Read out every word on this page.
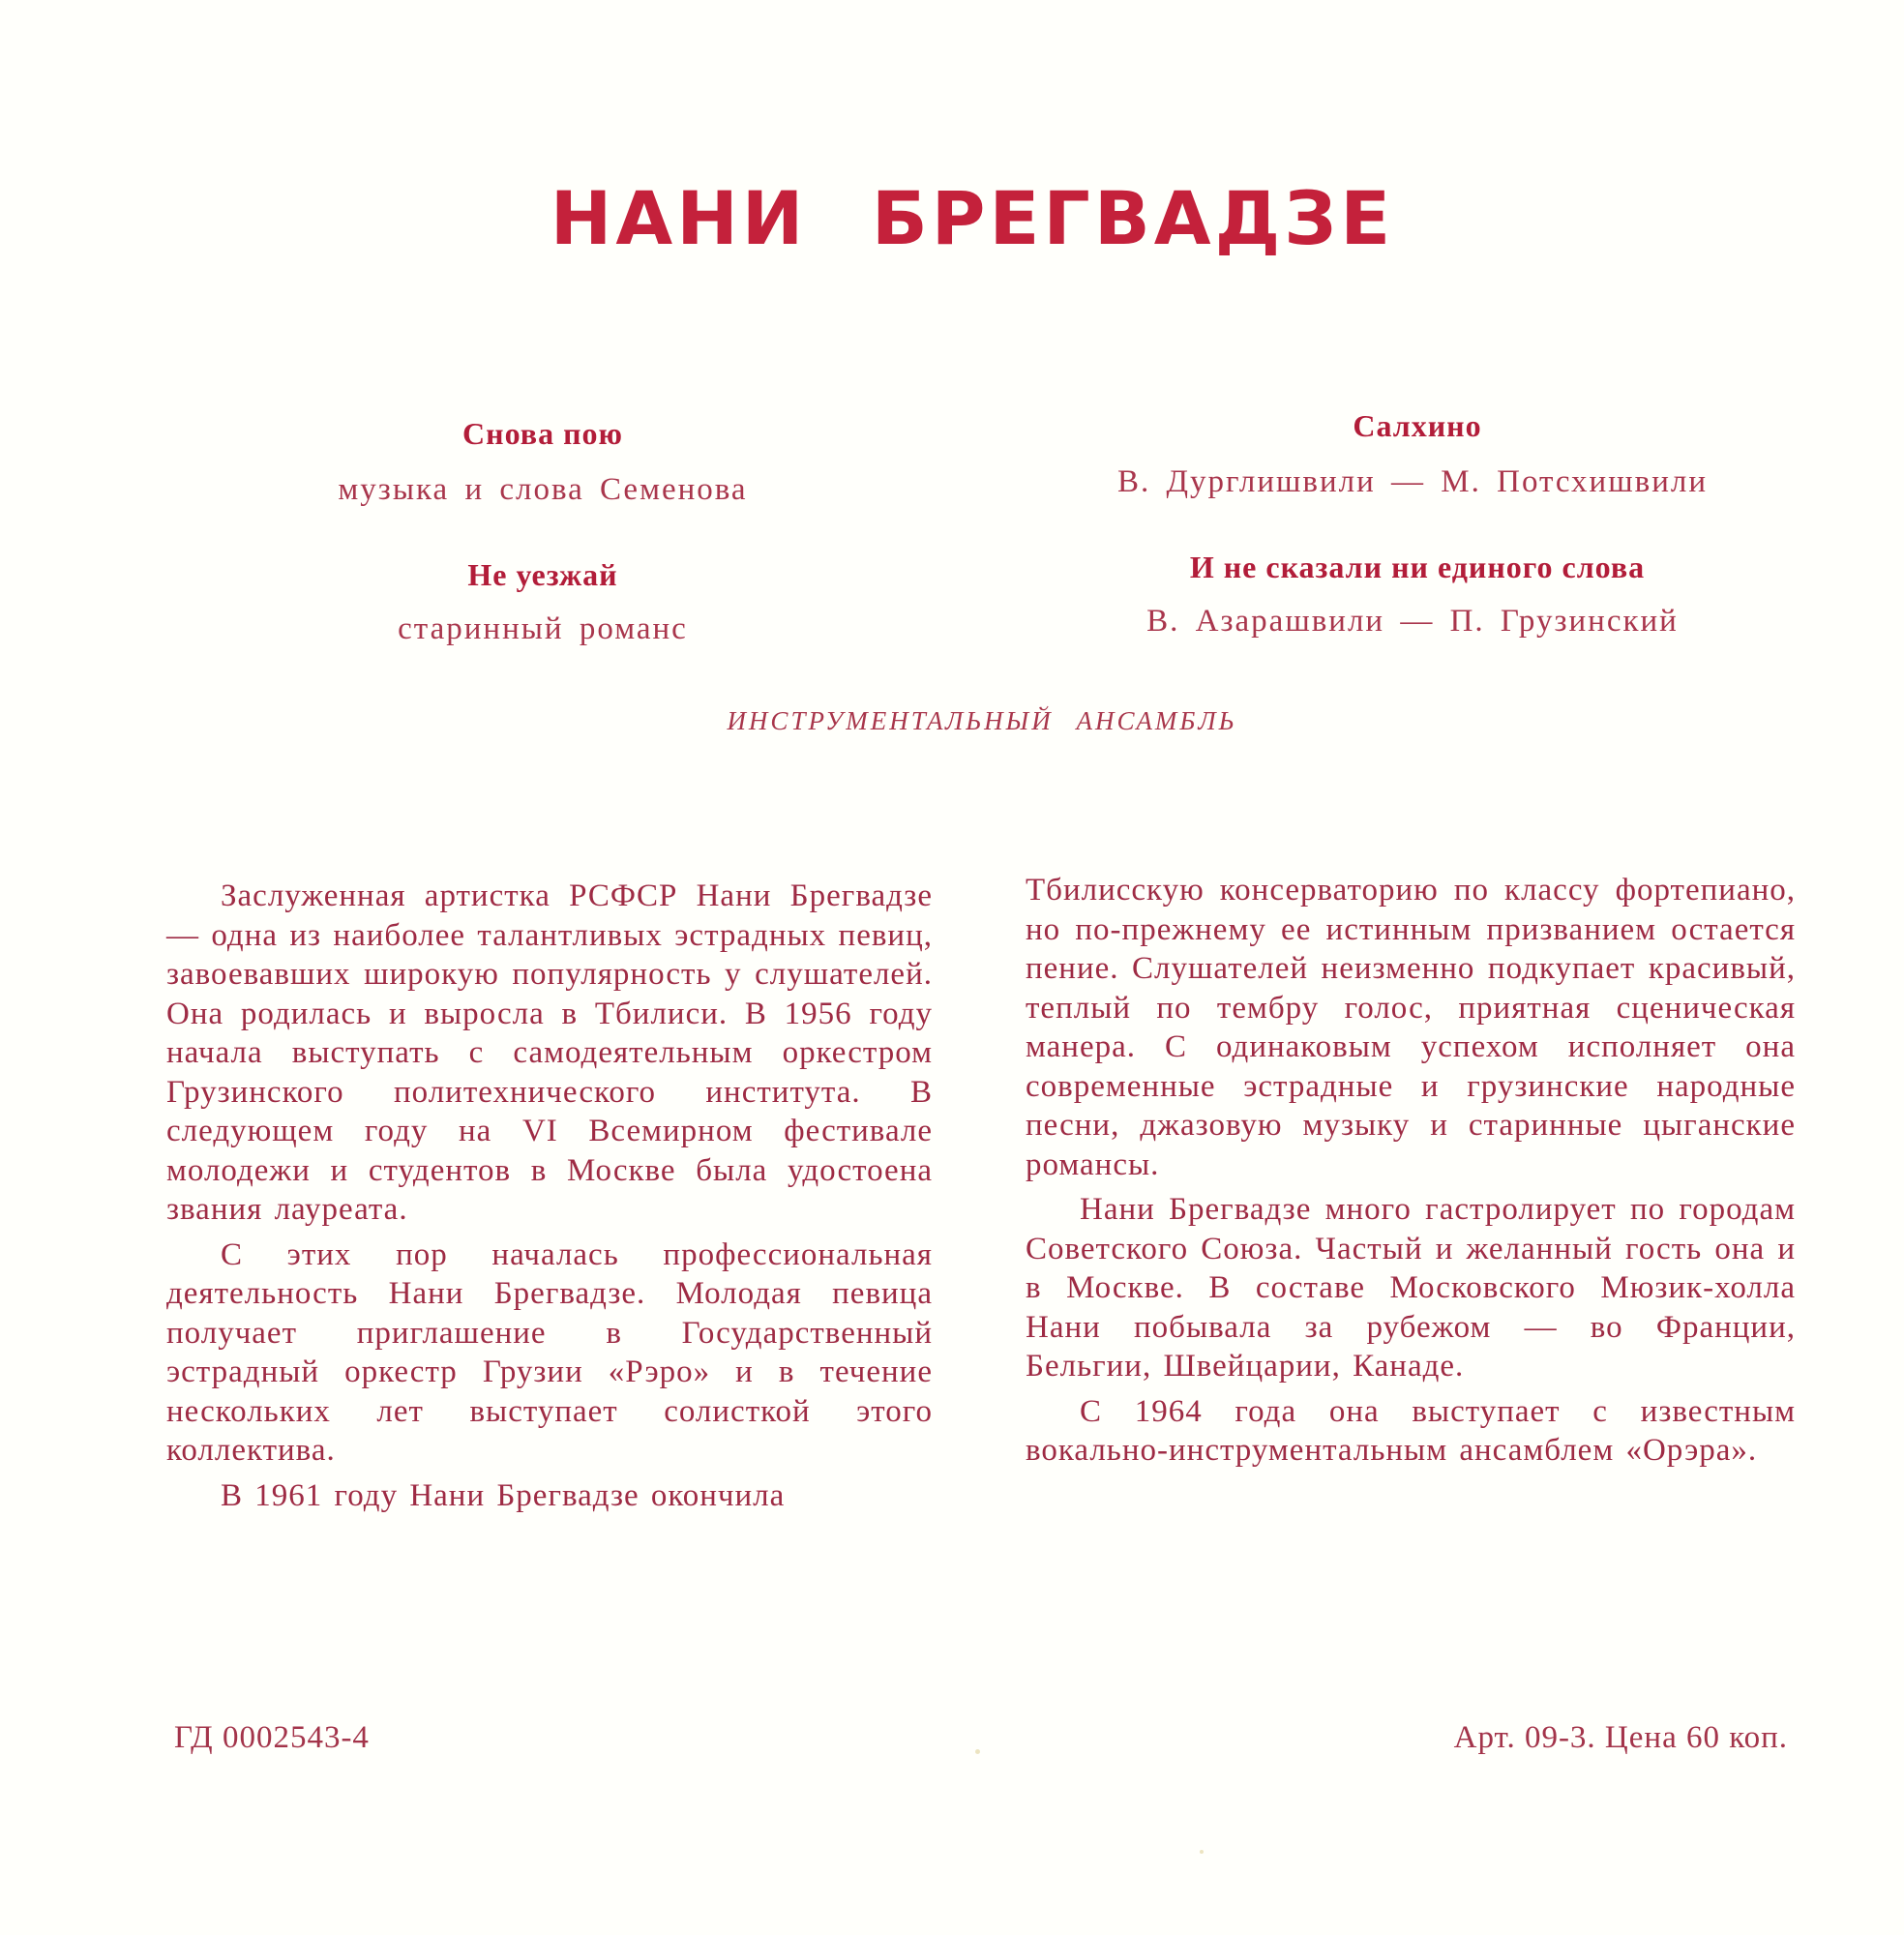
НАНИ БРЕГВАДЗЕ
Снова пою
музыка и слова Семенова
Не уезжай
старинный романс
Салхино
В. Дурглишвили — М. Потсхишвили
И не сказали ни единого слова
В. Азарашвили — П. Грузинский

ИНСТРУМЕНТАЛЬНЫЙ АНСАМБЛЬ

Заслуженная артистка РСФСР Нани Брегвадзе — одна из наиболее талантливых эстрадных певиц, завоевавших широкую популярность у слушателей. Она родилась и выросла в Тбилиси. В 1956 году начала выступать с самодеятельным оркестром Грузинского политехнического института. В следующем году на VI Всемирном фестивале молодежи и студентов в Москве была удостоена звания лауреата.

С этих пор началась профессиональная деятельность Нани Брегвадзе. Молодая певица получает приглашение в Государственный эстрадный оркестр Грузии «Рэро» и в течение нескольких лет выступает солисткой этого коллектива.

В 1961 году Нани Брегвадзе окончила

Тбилисскую консерваторию по классу фортепиано, но по-прежнему ее истинным призванием остается пение. Слушателей неизменно подкупает красивый, теплый по тембру голос, приятная сценическая манера. С одинаковым успехом исполняет она современные эстрадные и грузинские народные песни, джазовую музыку и старинные цыганские романсы.

Нани Брегвадзе много гастролирует по городам Советского Союза. Частый и желанный гость она и в Москве. В составе Московского Мюзик-холла Нани побывала за рубежом — во Франции, Бельгии, Швейцарии, Канаде.

С 1964 года она выступает с известным вокально-инструментальным ансамблем «Орэра».

ГД 0002543-4	Арт. 09-3. Цена 60 коп.
